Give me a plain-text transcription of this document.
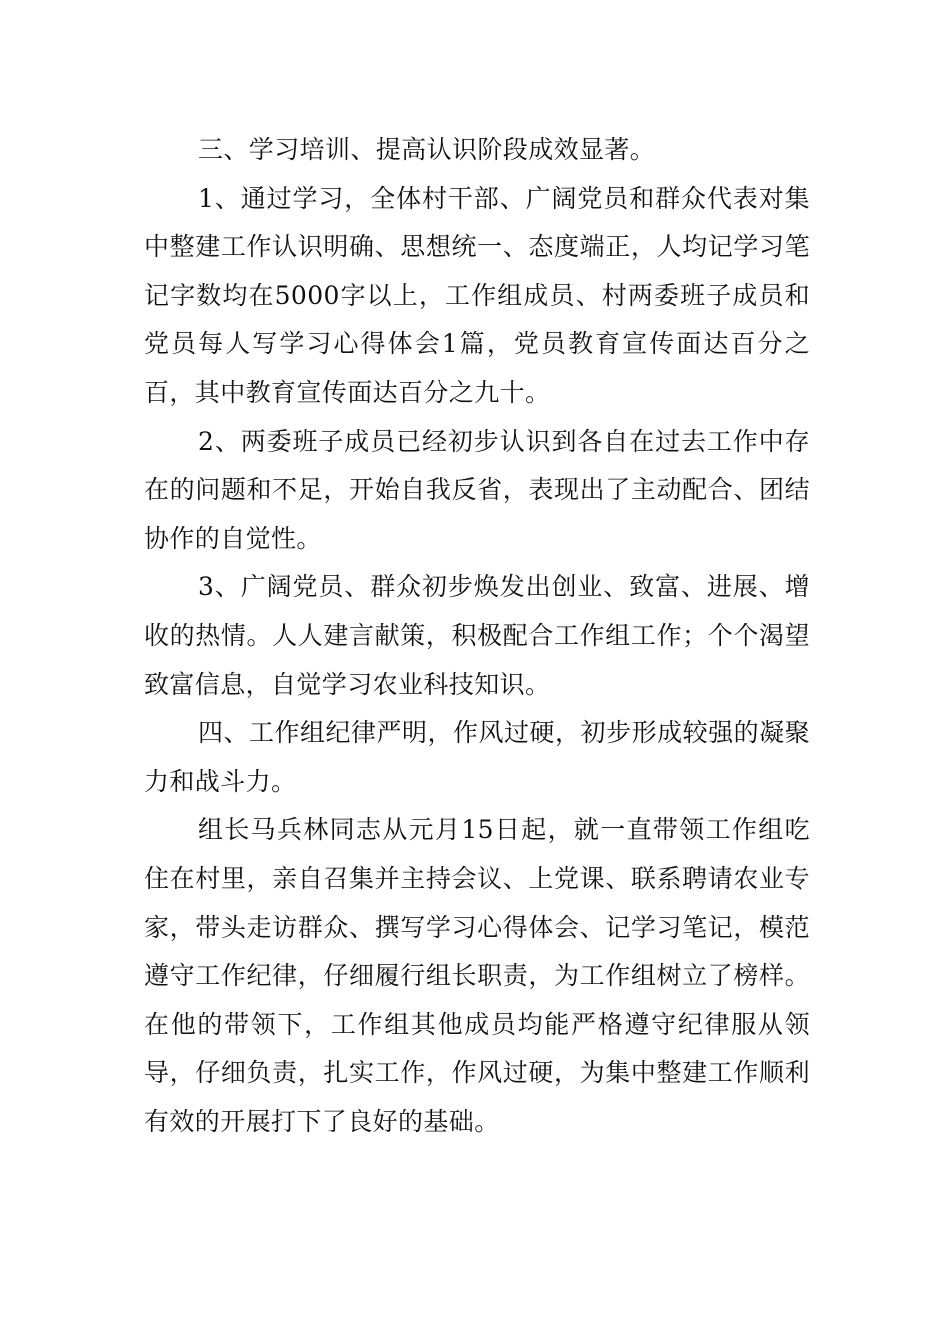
三、学习培训、提高认识阶段成效显著。

1、通过学习，全体村干部、广阔党员和群众代表对集中整建工作认识明确、思想统一、态度端正，人均记学习笔记字数均在5000字以上，工作组成员、村两委班子成员和党员每人写学习心得体会1篇，党员教育宣传面达百分之百，其中教育宣传面达百分之九十。

2、两委班子成员已经初步认识到各自在过去工作中存在的问题和不足，开始自我反省，表现出了主动配合、团结协作的自觉性。

3、广阔党员、群众初步焕发出创业、致富、进展、增收的热情。人人建言献策，积极配合工作组工作；个个渴望致富信息，自觉学习农业科技知识。

四、工作组纪律严明，作风过硬，初步形成较强的凝聚力和战斗力。

组长马兵林同志从元月15日起，就一直带领工作组吃住在村里，亲自召集并主持会议、上党课、联系聘请农业专家，带头走访群众、撰写学习心得体会、记学习笔记，模范遵守工作纪律，仔细履行组长职责，为工作组树立了榜样。在他的带领下，工作组其他成员均能严格遵守纪律服从领导，仔细负责，扎实工作，作风过硬，为集中整建工作顺利有效的开展打下了良好的基础。
